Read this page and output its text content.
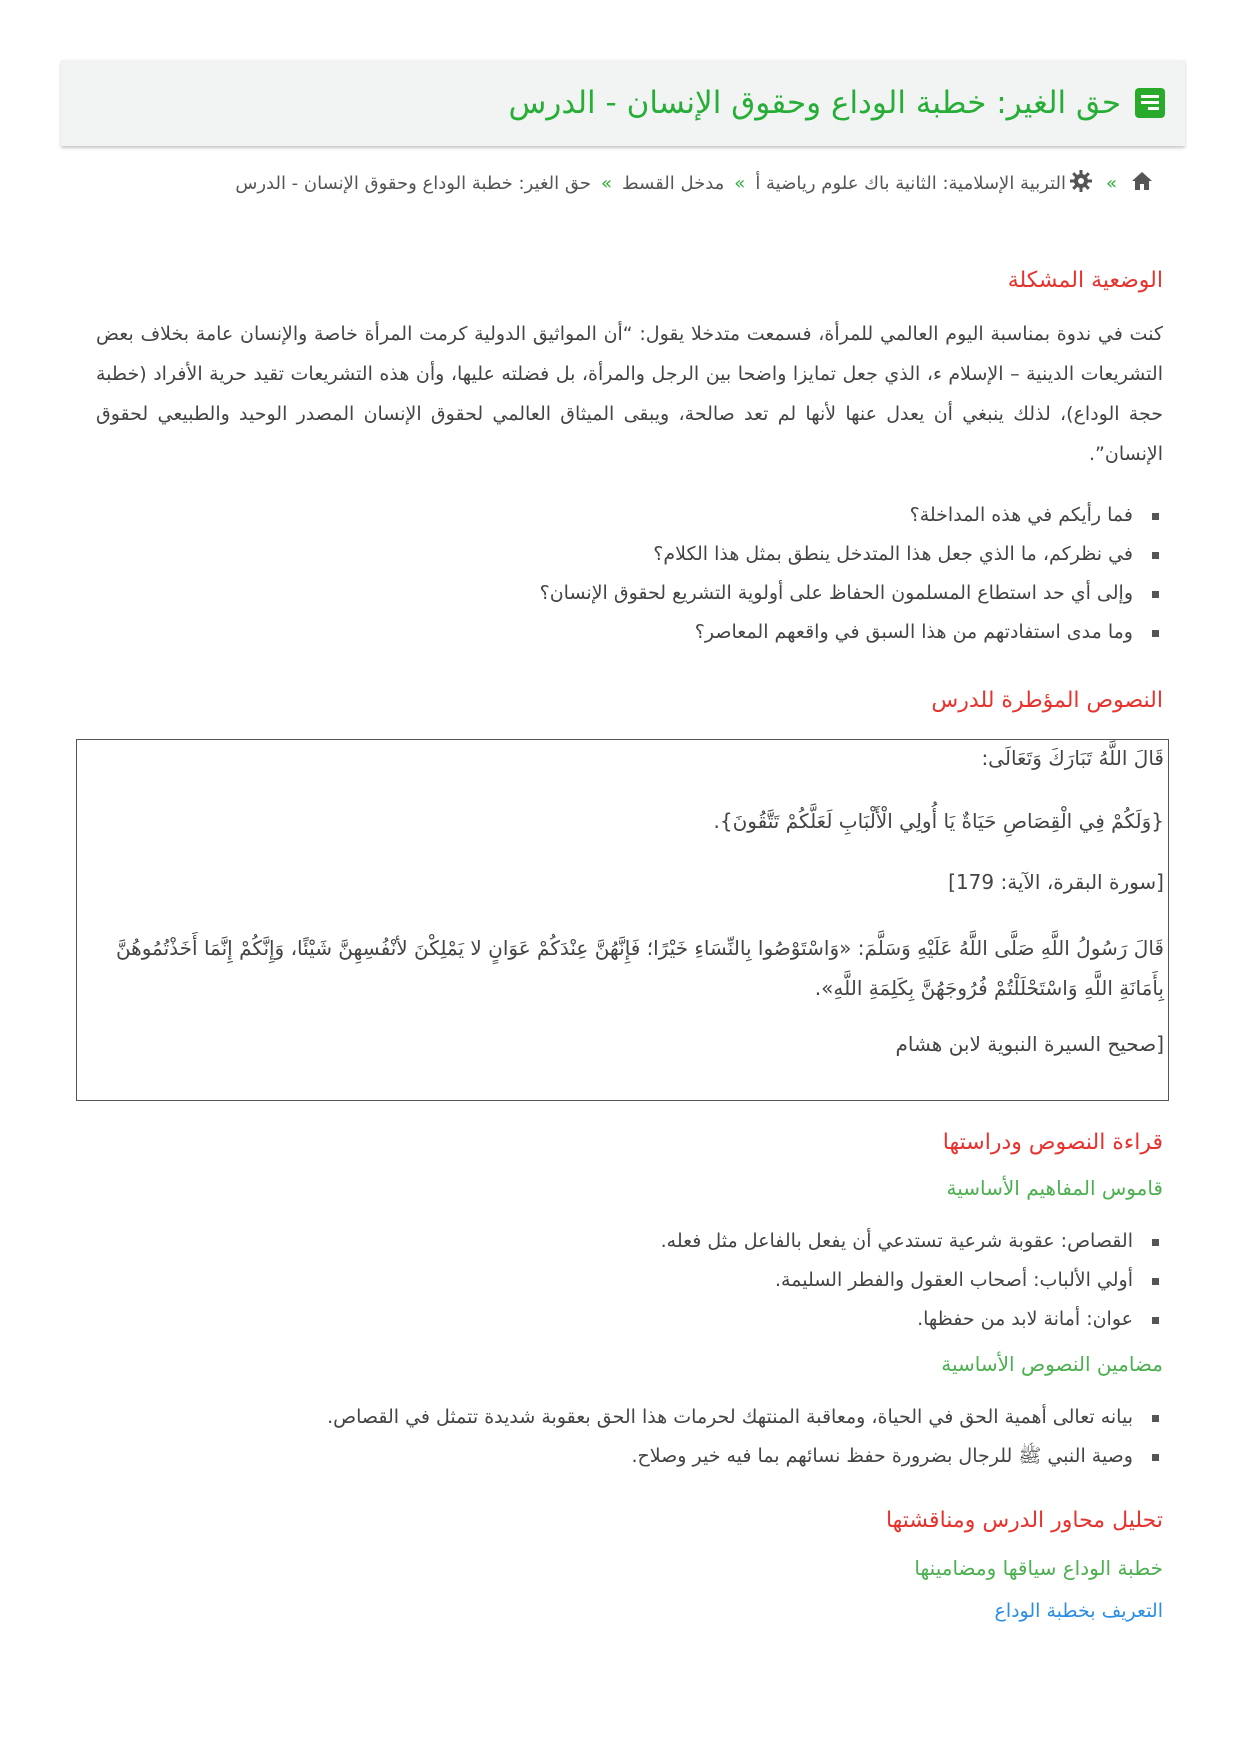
حق الغير: خطبة الوداع وحقوق الإنسان - الدرس
»
التربية الإسلامية: الثانية باك علوم رياضية أ
»
مدخل القسط
»
حق الغير: خطبة الوداع وحقوق الإنسان - الدرس
الوضعية المشكلة

كنت في ندوة بمناسبة اليوم العالمي للمرأة، فسمعت متدخلا يقول: “أن المواثيق الدولية كرمت المرأة خاصة والإنسان عامة بخلاف بعض التشريعات الدينية – الإسلام ء، الذي جعل تمايزا واضحا بين الرجل والمرأة، بل فضلته عليها، وأن هذه التشريعات تقيد حرية الأفراد (خطبة حجة الوداع)، لذلك ينبغي أن يعدل عنها لأنها لم تعد صالحة، ويبقى الميثاق العالمي لحقوق الإنسان المصدر الوحيد والطبيعي لحقوق الإنسان”.

فما رأيكم في هذه المداخلة؟
في نظركم، ما الذي جعل هذا المتدخل ينطق بمثل هذا الكلام؟
وإلى أي حد استطاع المسلمون الحفاظ على أولوية التشريع لحقوق الإنسان؟
وما مدى استفادتهم من هذا السبق في واقعهم المعاصر؟
النصوص المؤطرة للدرس
قَالَ اللَّهُ تَبَارَكَ وَتَعَالَى:
{وَلَكُمْ فِي الْقِصَاصِ حَيَاةٌ يَا أُولِي الْأَلْبَابِ لَعَلَّكُمْ تَتَّقُونَ}.
[سورة البقرة، الآية: 179]
قَالَ رَسُولُ اللَّهِ صَلَّى اللَّهُ عَلَيْهِ وَسَلَّمَ: «وَاسْتَوْصُوا بِالنِّسَاءِ خَيْرًا؛ فَإِنَّهُنَّ عِنْدَكُمْ عَوَانٍ لا يَمْلِكْنَ لأنْفُسِهِنَّ شَيْئًا، وَإِنَّكُمْ إِنَّمَا أَخَذْتُمُوهُنَّ بِأَمَانَةِ اللَّهِ وَاسْتَحْلَلْتُمْ فُرُوجَهُنَّ بِكَلِمَةِ اللَّهِ».
[صحيح السيرة النبوية لابن هشام
قراءة النصوص ودراستها
قاموس المفاهيم الأساسية
القصاص: عقوبة شرعية تستدعي أن يفعل بالفاعل مثل فعله.
أولي الألباب: أصحاب العقول والفطر السليمة.
عوان: أمانة لابد من حفظها.
مضامين النصوص الأساسية
بيانه تعالى أهمية الحق في الحياة، ومعاقبة المنتهك لحرمات هذا الحق بعقوبة شديدة تتمثل في القصاص.
وصية النبي ﷺ للرجال بضرورة حفظ نسائهم بما فيه خير وصلاح.
تحليل محاور الدرس ومناقشتها
خطبة الوداع سياقها ومضامينها
التعريف بخطبة الوداع
